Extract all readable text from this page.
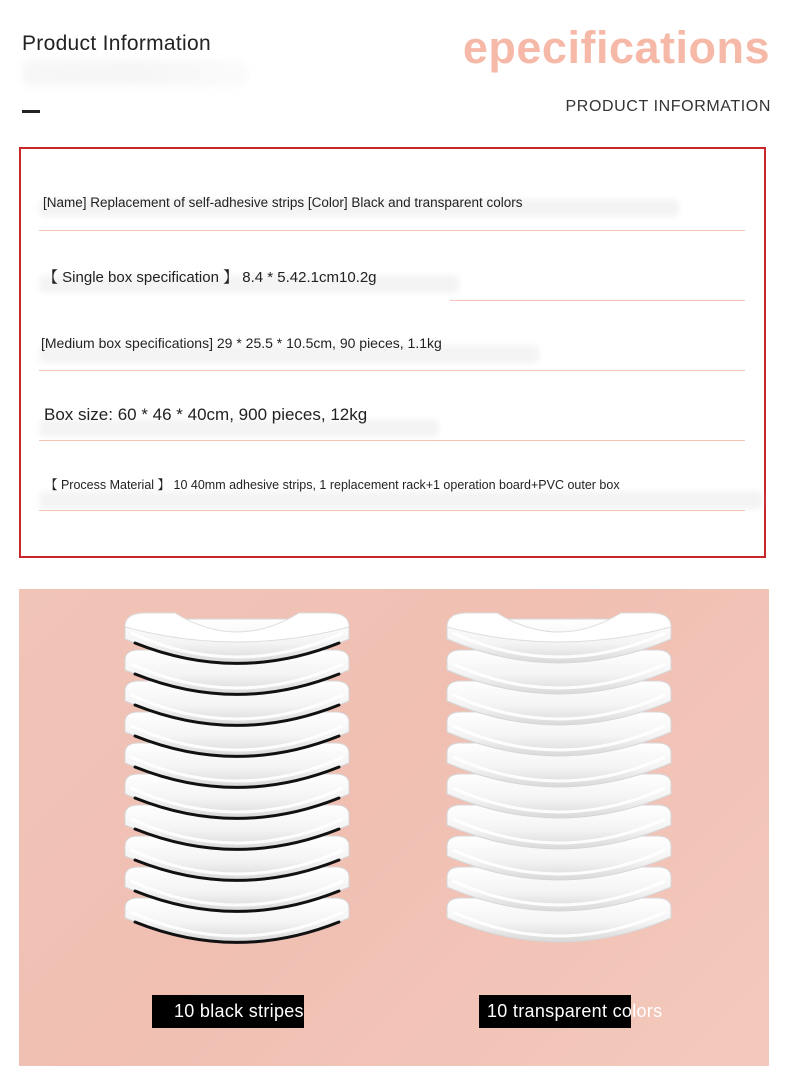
Product Information	epecifications
PRODUCT INFORMATION
[Name] Replacement of self-adhesive strips [Color] Black and transparent colors
【 Single box specification 】 8.4 * 5.42.1cm10.2g
[Medium box specifications] 29 * 25.5 * 10.5cm, 90 pieces, 1.1kg
Box size: 60 * 46 * 40cm, 900 pieces, 12kg
【 Process Material 】 10 40mm adhesive strips, 1 replacement rack+1 operation board+PVC outer box
10 black stripes	10 transparent colors
